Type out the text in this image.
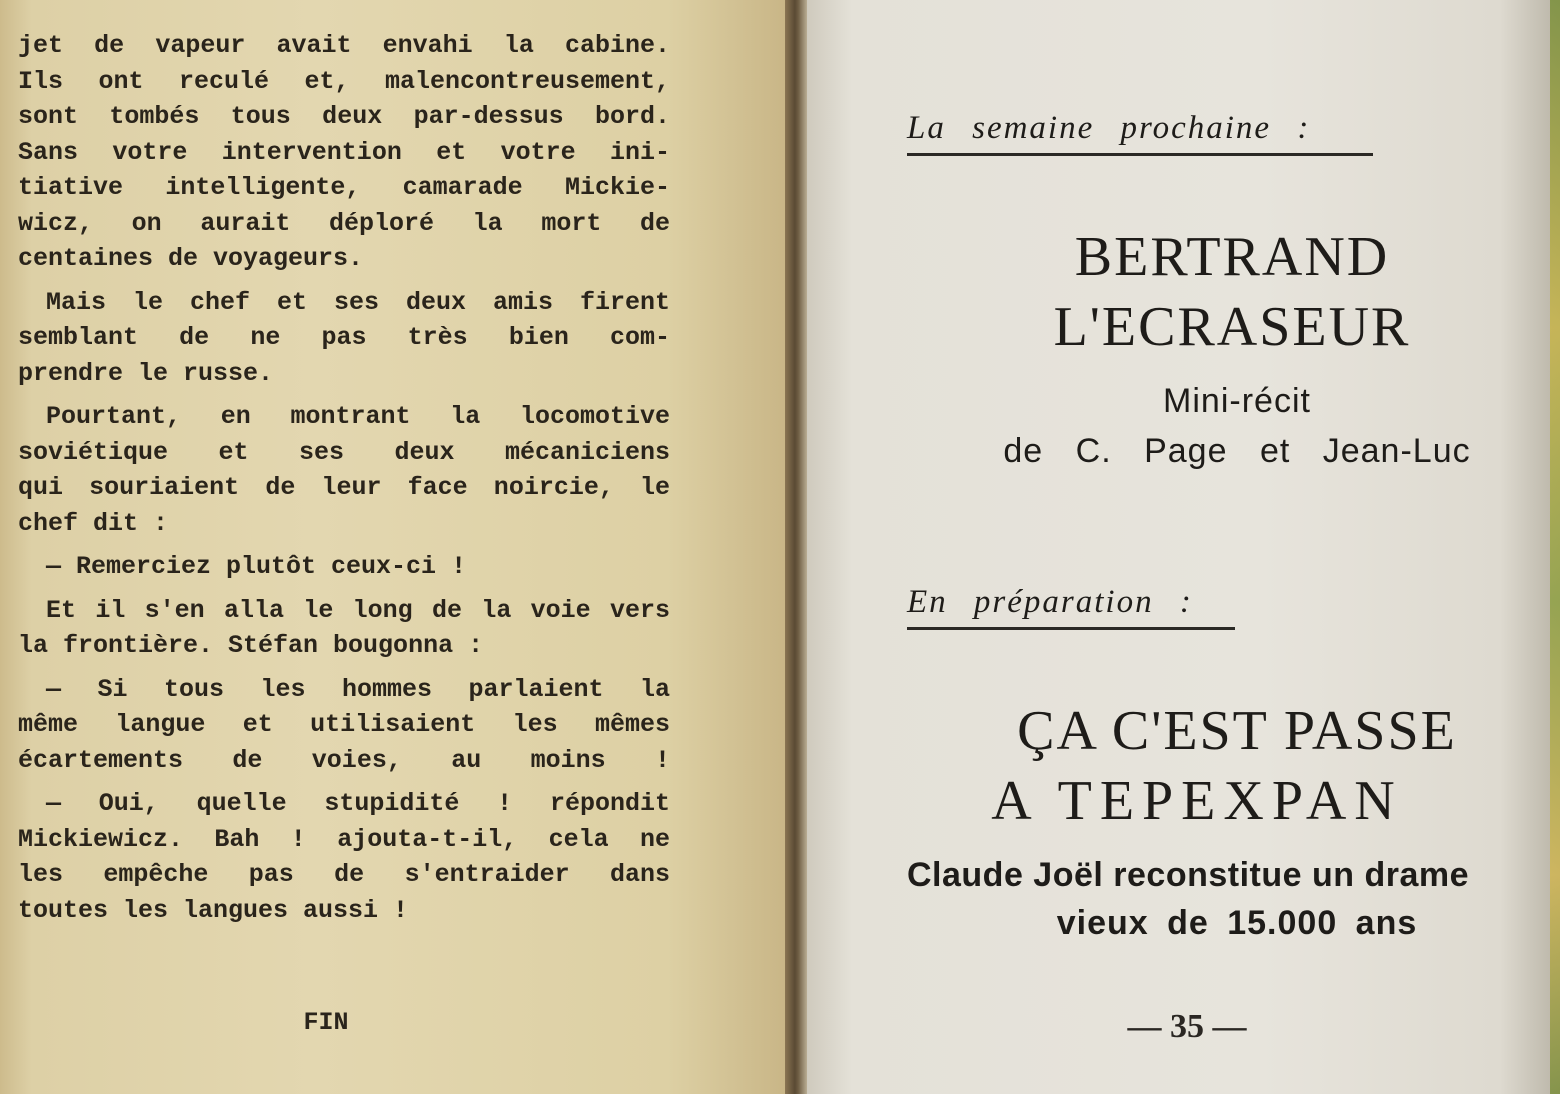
jet de vapeur avait envahi la cabine.
Ils ont reculé et, malencontreusement,
sont tombés tous deux par-dessus bord.
Sans votre intervention et votre ini-
tiative intelligente, camarade Mickie-
wicz, on aurait déploré la mort de
centaines de voyageurs.
Mais le chef et ses deux amis firent
semblant de ne pas très bien com-
prendre le russe.
Pourtant, en montrant la locomotive
soviétique et ses deux mécaniciens
qui souriaient de leur face noircie, le
chef dit :
— Remerciez plutôt ceux-ci !
Et il s'en alla le long de la voie vers
la frontière. Stéfan bougonna :
— Si tous les hommes parlaient la
même langue et utilisaient les mêmes
écartements de voies, au moins !
— Oui, quelle stupidité ! répondit
Mickiewicz. Bah ! ajouta-t-il, cela ne
les empêche pas de s'entraider dans
toutes les langues aussi !
FIN
La semaine prochaine :
BERTRAND
L'ECRASEUR
Mini-récit
de C. Page et Jean-Luc
En préparation :
ÇA C'EST PASSE
A TEPEXPAN
Claude Joël reconstitue un drame
vieux de 15.000 ans
— 35 —
